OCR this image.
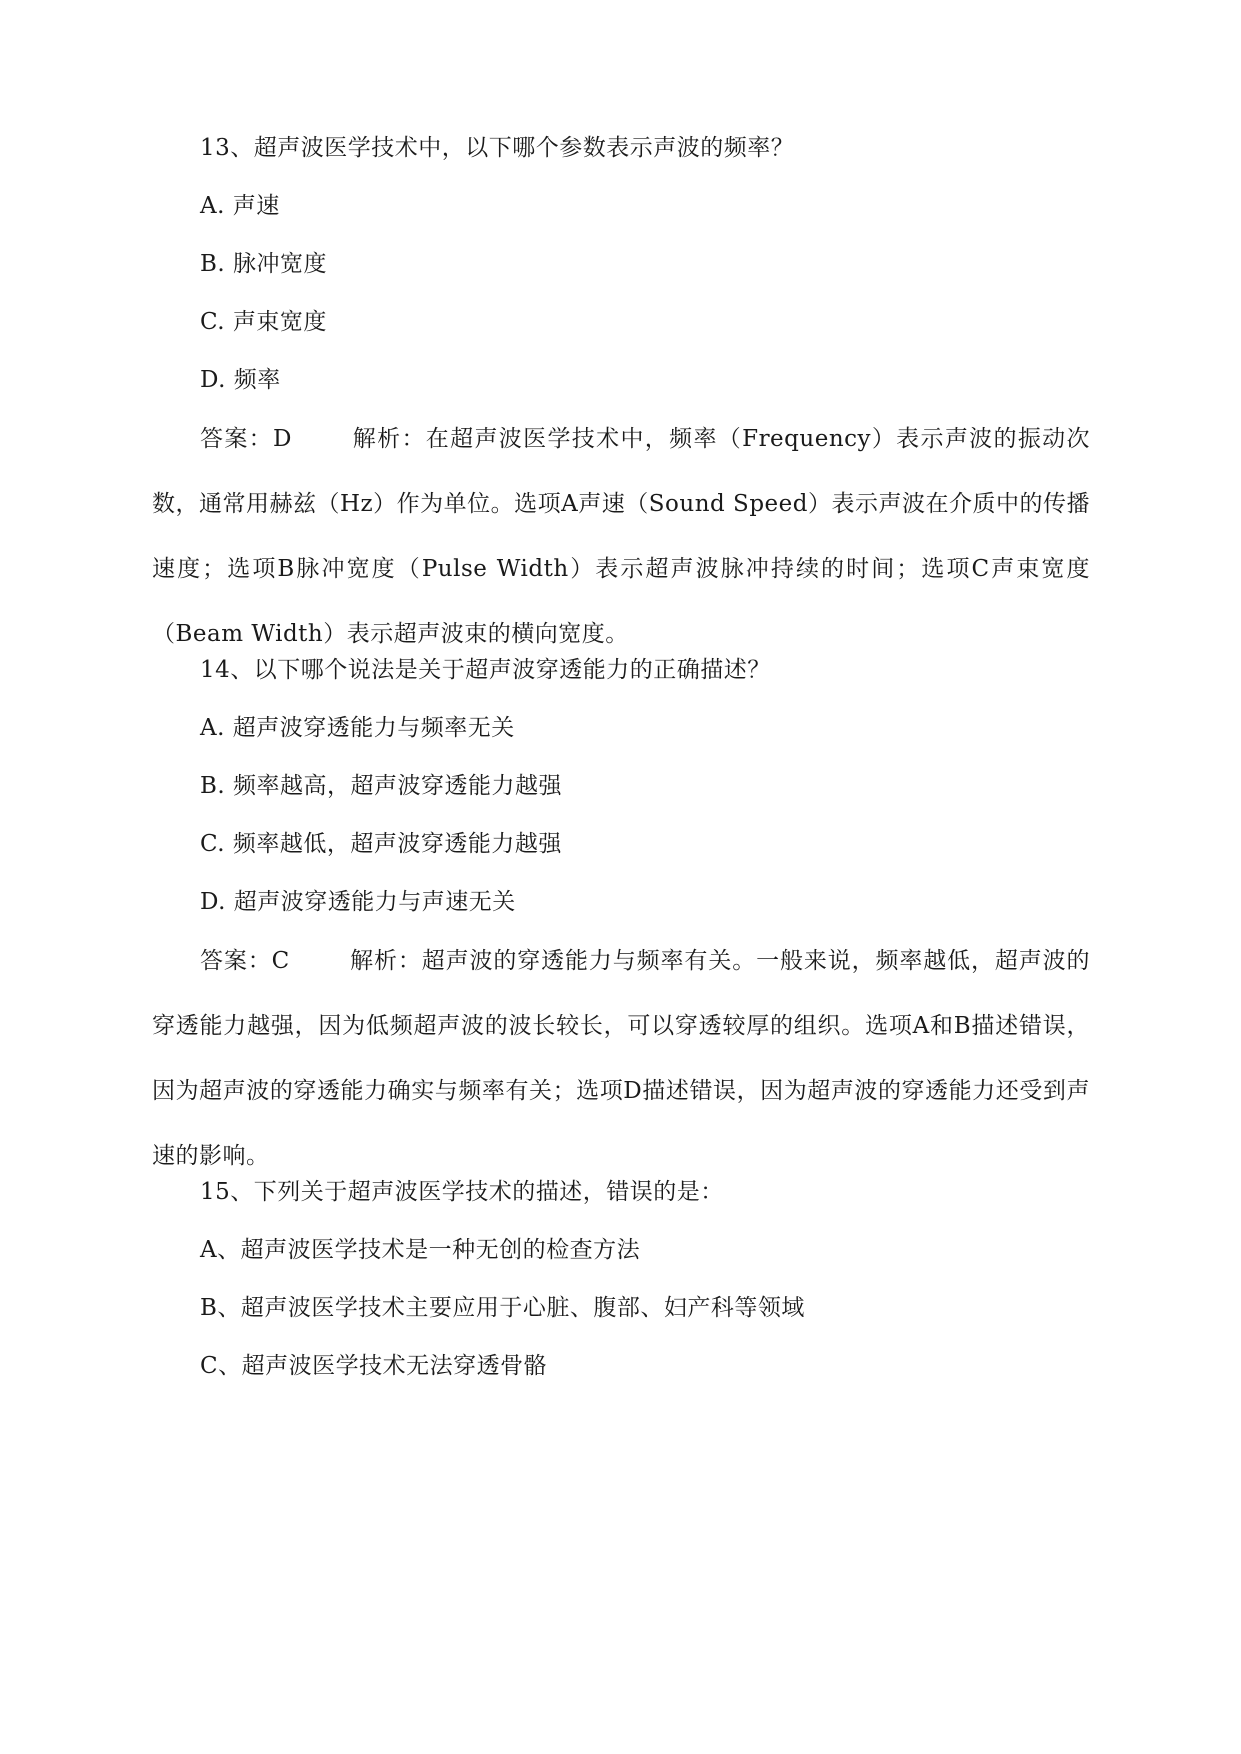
13、超声波医学技术中，以下哪个参数表示声波的频率？
A. 声速
B. 脉冲宽度
C. 声束宽度
D. 频率
答案：D	解析：在超声波医学技术中，频率（Frequency）表示声波的振动次数，通常用赫兹（Hz）作为单位。选项A声速（Sound Speed）表示声波在介质中的传播速度；选项B脉冲宽度（Pulse Width）表示超声波脉冲持续的时间；选项C声束宽度（Beam Width）表示超声波束的横向宽度。
14、以下哪个说法是关于超声波穿透能力的正确描述？
A. 超声波穿透能力与频率无关
B. 频率越高，超声波穿透能力越强
C. 频率越低，超声波穿透能力越强
D. 超声波穿透能力与声速无关
答案：C	解析：超声波的穿透能力与频率有关。一般来说，频率越低，超声波的穿透能力越强，因为低频超声波的波长较长，可以穿透较厚的组织。选项A和B描述错误，因为超声波的穿透能力确实与频率有关；选项D描述错误，因为超声波的穿透能力还受到声速的影响。
15、下列关于超声波医学技术的描述，错误的是：
A、超声波医学技术是一种无创的检查方法
B、超声波医学技术主要应用于心脏、腹部、妇产科等领域
C、超声波医学技术无法穿透骨骼
